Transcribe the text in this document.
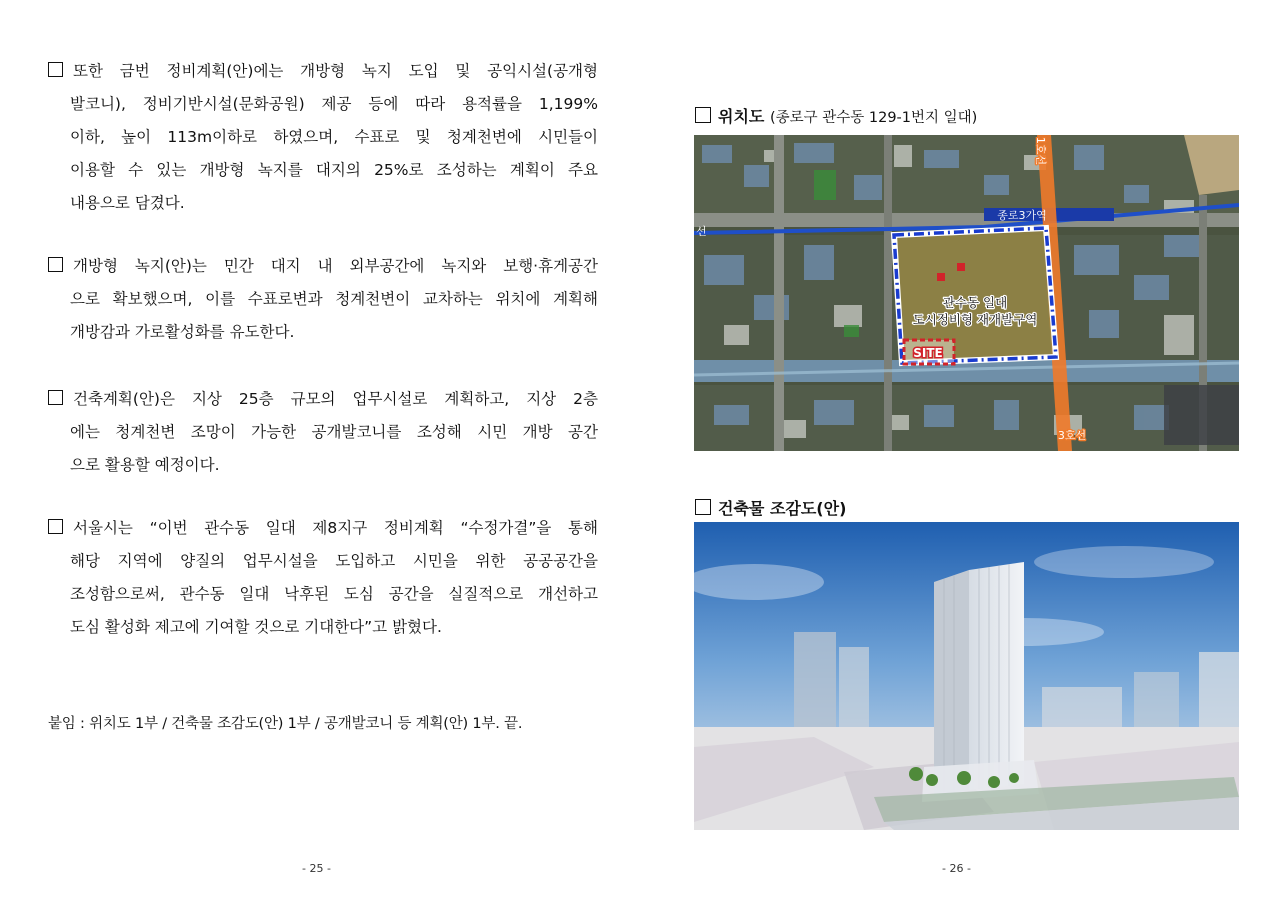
또한 금번 정비계획(안)에는 개방형 녹지 도입 및 공익시설(공개형
발코니), 정비기반시설(문화공원) 제공 등에 따라 용적률을 1,199%
이하, 높이 113m이하로 하였으며, 수표로 및 청계천변에 시민들이
이용할 수 있는 개방형 녹지를 대지의 25%로 조성하는 계획이 주요
내용으로 담겼다.
개방형 녹지(안)는 민간 대지 내 외부공간에 녹지와 보행·휴게공간
으로 확보했으며, 이를 수표로변과 청계천변이 교차하는 위치에 계획해
개방감과 가로활성화를 유도한다.
건축계획(안)은 지상 25층 규모의 업무시설로 계획하고, 지상 2층
에는 청계천변 조망이 가능한 공개발코니를 조성해 시민 개방 공간
으로 활용할 예정이다.
서울시는 “이번 관수동 일대 제8지구 정비계획 “수정가결”을 통해
해당 지역에 양질의 업무시설을 도입하고 시민을 위한 공공공간을
조성함으로써, 관수동 일대 낙후된 도심 공간을 실질적으로 개선하고
도심 활성화 제고에 기여할 것으로 기대한다”고 밝혔다.
붙임 : 위치도 1부 / 건축물 조감도(안) 1부 / 공개발코니 등 계획(안) 1부. 끝.
- 25 -
위치도 (종로구 관수동 129-1번지 일대)
종로3가역
관수동 일대
도시정비형 재개발구역
SITE
3호선
1호선
선
건축물 조감도(안)
- 26 -
